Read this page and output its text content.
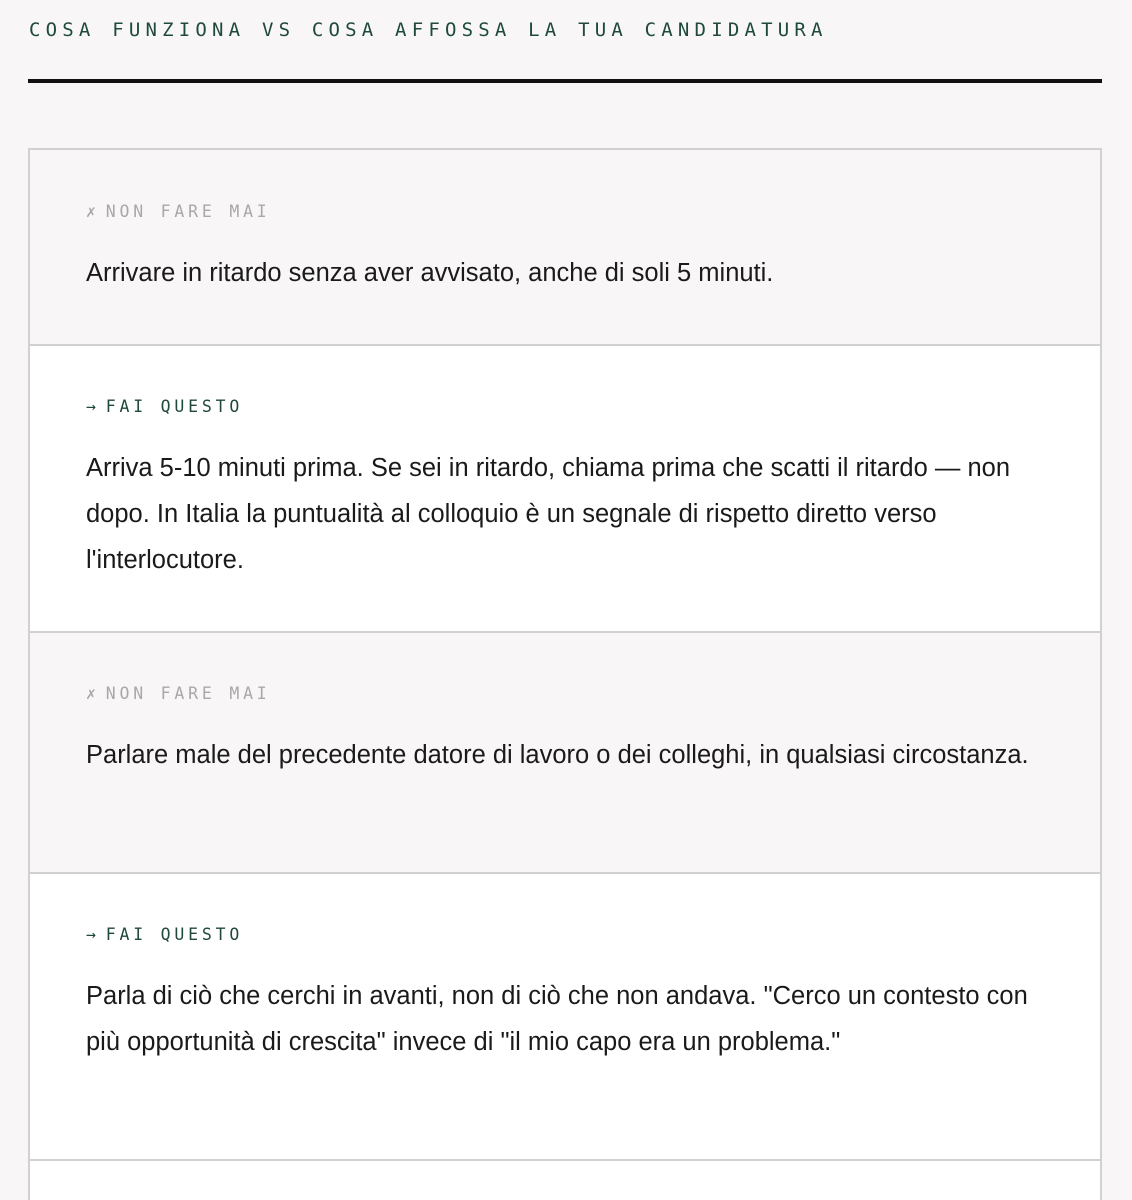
COSA FUNZIONA VS COSA AFFOSSA LA TUA CANDIDATURA
✗ NON FARE MAI

Arrivare in ritardo senza aver avvisato, anche di soli 5 minuti.

→ FAI QUESTO

Arriva 5-10 minuti prima. Se sei in ritardo, chiama prima che scatti il ritardo — non dopo. In Italia la puntualità al colloquio è un segnale di rispetto diretto verso l'interlocutore.

✗ NON FARE MAI

Parlare male del precedente datore di lavoro o dei colleghi, in qualsiasi circostanza.

→ FAI QUESTO

Parla di ciò che cerchi in avanti, non di ciò che non andava. "Cerco un contesto con più opportunità di crescita" invece di "il mio capo era un problema."
